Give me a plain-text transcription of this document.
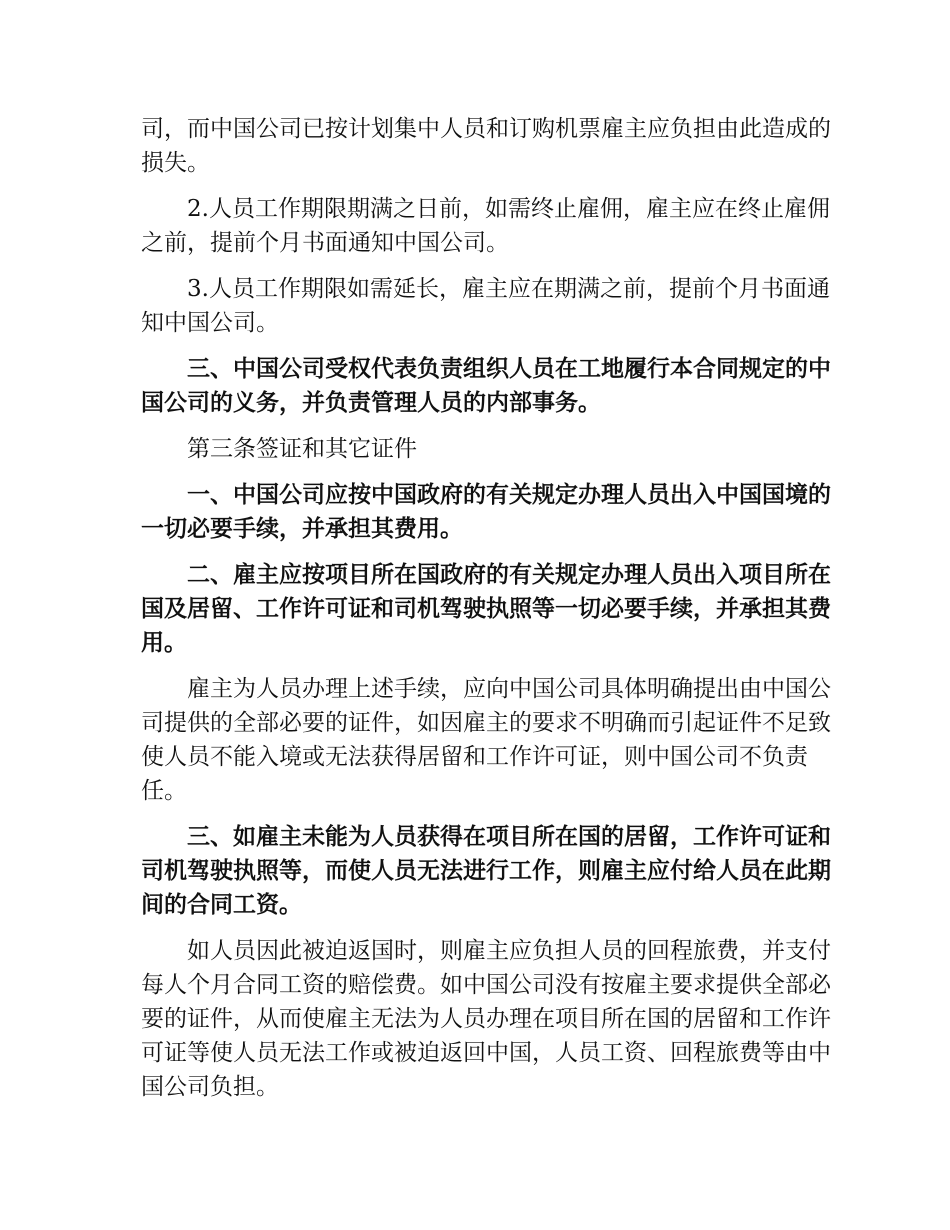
司，而中国公司已按计划集中人员和订购机票雇主应负担由此造成的损失。

2.人员工作期限期满之日前，如需终止雇佣，雇主应在终止雇佣之前，提前个月书面通知中国公司。

3.人员工作期限如需延长，雇主应在期满之前，提前个月书面通知中国公司。

三、中国公司受权代表负责组织人员在工地履行本合同规定的中国公司的义务，并负责管理人员的内部事务。

第三条签证和其它证件

一、中国公司应按中国政府的有关规定办理人员出入中国国境的一切必要手续，并承担其费用。

二、雇主应按项目所在国政府的有关规定办理人员出入项目所在国及居留、工作许可证和司机驾驶执照等一切必要手续，并承担其费用。

雇主为人员办理上述手续，应向中国公司具体明确提出由中国公司提供的全部必要的证件，如因雇主的要求不明确而引起证件不足致使人员不能入境或无法获得居留和工作许可证，则中国公司不负责任。

三、如雇主未能为人员获得在项目所在国的居留，工作许可证和司机驾驶执照等，而使人员无法进行工作，则雇主应付给人员在此期间的合同工资。

如人员因此被迫返国时，则雇主应负担人员的回程旅费，并支付每人个月合同工资的赔偿费。如中国公司没有按雇主要求提供全部必要的证件，从而使雇主无法为人员办理在项目所在国的居留和工作许可证等使人员无法工作或被迫返回中国，人员工资、回程旅费等由中国公司负担。
